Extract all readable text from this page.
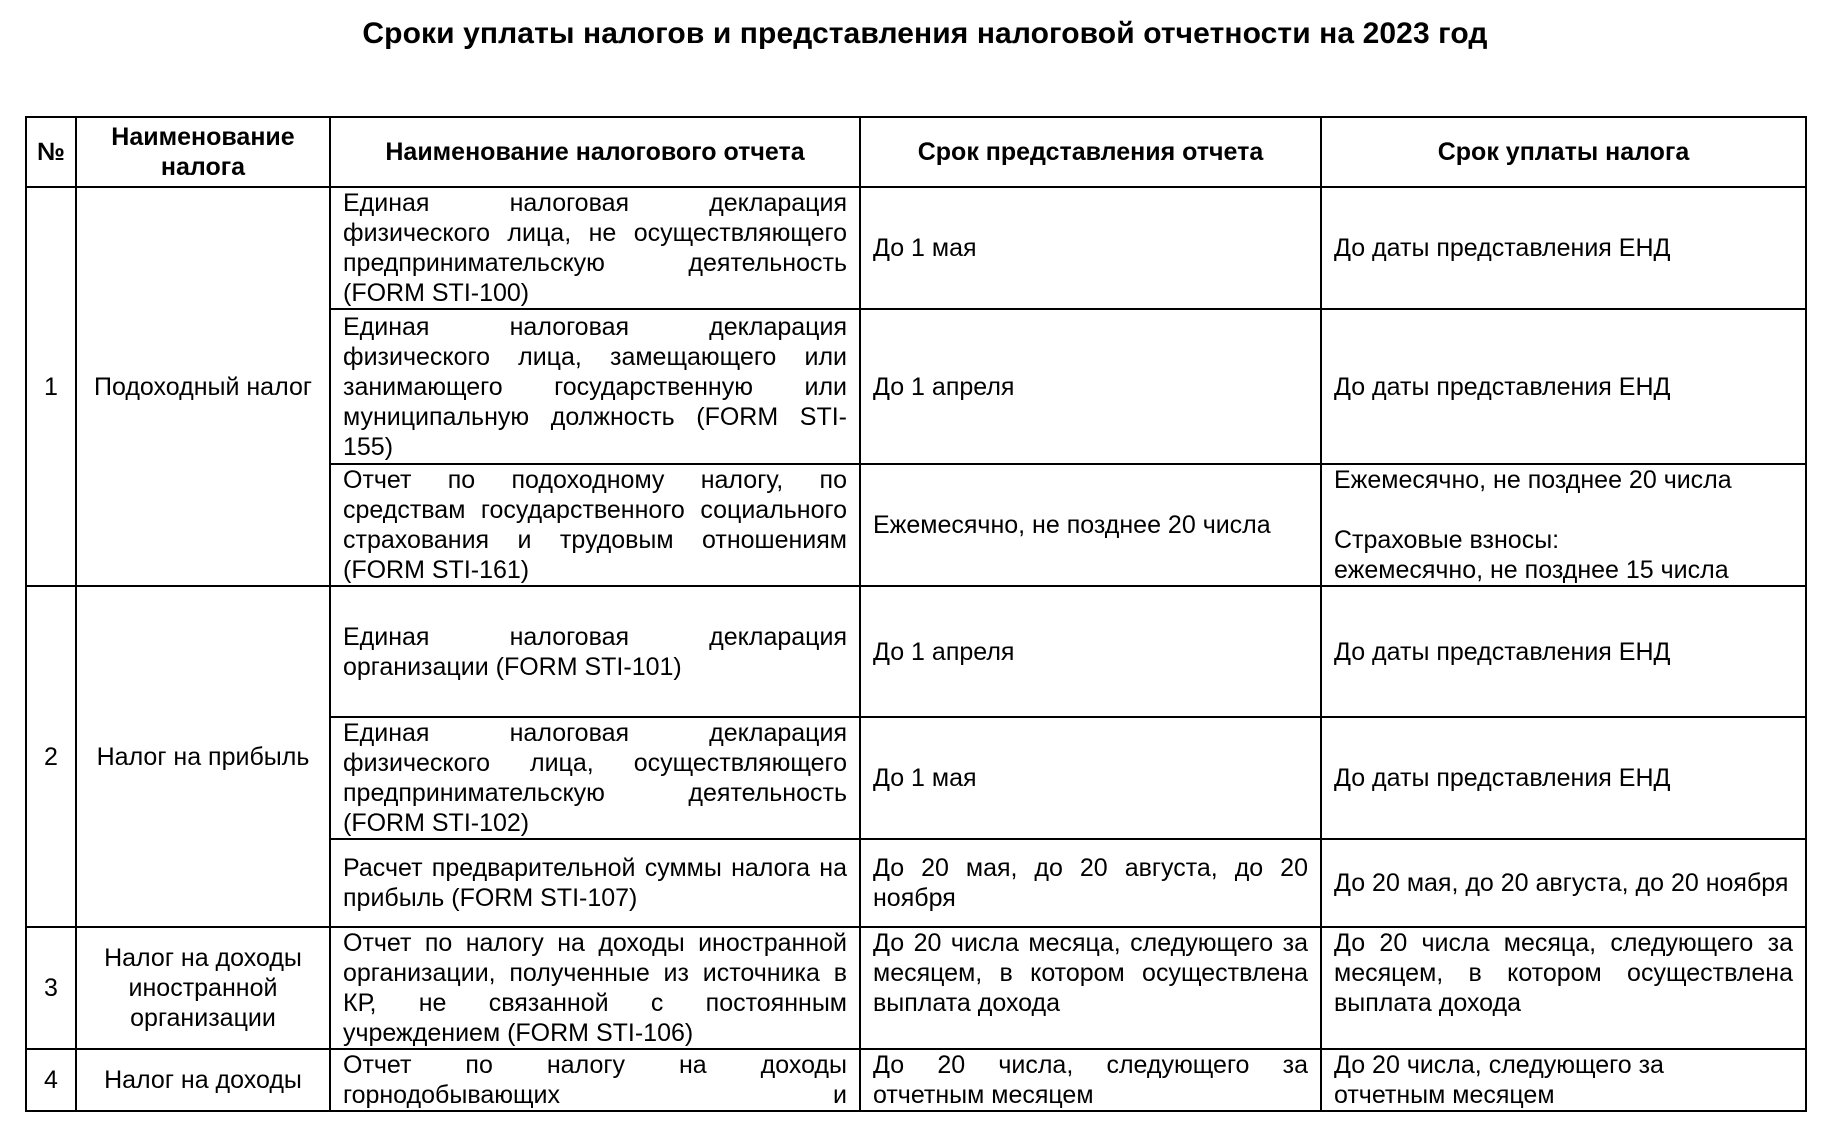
Сроки уплаты налогов и представления налоговой отчетности на 2023 год
№	Наименование налога	Наименование налогового отчета	Срок представления отчета	Срок уплаты налога
1	Подоходный налог	Единая налоговая декларация физического лица, не осуществляющего предпринимательскую деятельность (FORM STI-100)	До 1 мая	До даты представления ЕНД
		Единая налоговая декларация физического лица, замещающего или занимающего государственную или муниципальную должность (FORM STI-155)	До 1 апреля	До даты представления ЕНД
		Отчет по подоходному налогу, по средствам государственного социального страхования и трудовым отношениям (FORM STI-161)	Ежемесячно, не позднее 20 числа	Ежемесячно, не позднее 20 числа
Страховые взносы:
ежемесячно, не позднее 15 числа

2	Налог на прибыль	Единая налоговая декларация организации (FORM STI-101)	До 1 апреля	До даты представления ЕНД
		Единая налоговая декларация физического лица, осуществляющего предпринимательскую деятельность (FORM STI-102)	До 1 мая	До даты представления ЕНД
		Расчет предварительной суммы налога на прибыль (FORM STI-107)	До 20 мая, до 20 августа, до 20 ноября	До 20 мая, до 20 августа, до 20 ноября
3	Налог на доходы иностранной организации	Отчет по налогу на доходы иностранной организации, полученные из источника в КР, не связанной с постоянным учреждением (FORM STI-106)	До 20 числа месяца, следующего за месяцем, в котором осуществлена выплата дохода	До 20 числа месяца, следующего за месяцем, в котором осуществлена выплата дохода
4	Налог на доходы	Отчет по налогу на доходы горнодобывающих и	До 20 числа, следующего за отчетным месяцем	До 20 числа, следующего за
отчетным месяцем
